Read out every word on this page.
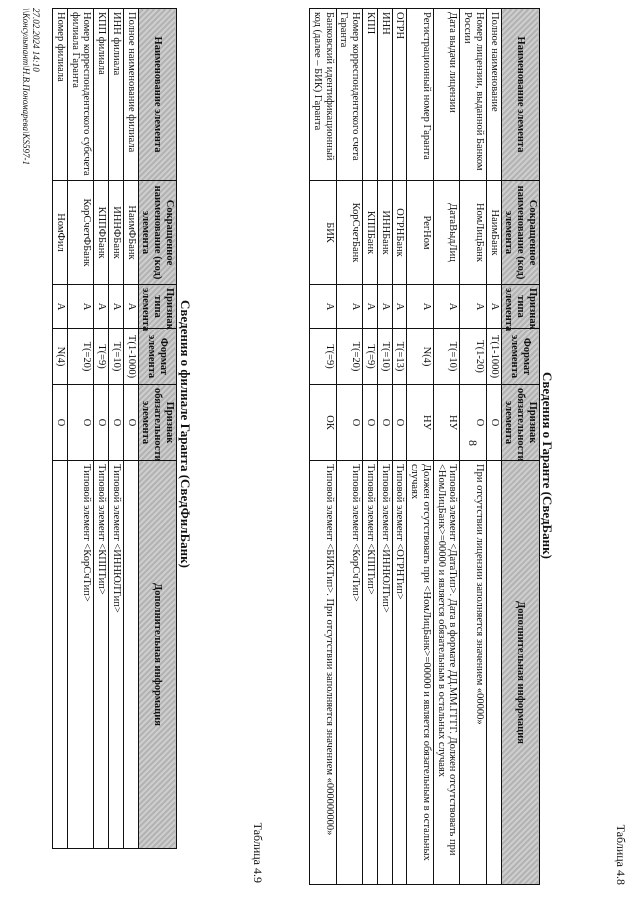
8
Таблица 4.8
Сведения о Гаранте (СведБанк)
Наименование элемента	Сокращенное наименование (код) элемента	Признак типа элемента	Формат элемента	Признак обязательности элемента	Дополнительная информация
Полное наименование	НаимБанк	А	T(1-1000)	О	
Номер лицензии, выданной Банком России	НомЛицБанк	А	T(1-20)	О	При отсутствии лицензии заполняется значением «00000»
Дата выдачи лицензии	ДатаВыдЛиц	А	T(=10)	НУ	Типовой элемент <ДатаТип>. Дата в формате ДД.ММ.ГГГГ. Должен отсутствовать при <НомЛицБанк>=00000 и является обязательным в остальных случаях
Регистрационный номер Гаранта	РегНом	А	N(4)	НУ	Должен отсутствовать при <НомЛицБанк>=00000 и является обязательным в остальных случаях
ОГРН	ОГРНБанк	А	T(=13)	О	Типовой элемент <ОГРНТип>
ИНН	ИННБанк	А	T(=10)	О	Типовой элемент <ИННЮЛТип>
КПП	КППБанк	А	T(=9)	О	Типовой элемент <КППТип>
Номер корреспондентского счета Гаранта	КорСчетБанк	А	T(=20)	О	Типовой элемент <КорСчТип>
Банковский идентификационный код (далее – БИК) Гаранта	БИК	А	T(=9)	ОК	Типовой элемент <БИКТип>. При отсутствии заполняется значением «000000000»
Таблица 4.9
Сведения о филиале Гаранта (СведФилБанк)
Наименование элемента	Сокращенное наименование (код) элемента	Признак типа элемента	Формат элемента	Признак обязательности элемента	Дополнительная информация
Полное наименование филиала	НаимФБанк	А	T(1-1000)	О	
ИНН филиала	ИННФБанк	А	T(=10)	О	Типовой элемент <ИННЮЛТип>
КПП филиала	КППФБанк	А	T(=9)	О	Типовой элемент <КППТип>
Номер корреспондентского субсчета филиала Гаранта	КорСчетФБанк	А	T(=20)	О	Типовой элемент <КорСчТип>
Номер филиала	НомФил	А	N(4)	О	
27.02.2024 14:10
\\Консультант\Н.В.Пономарева\KS597-1
